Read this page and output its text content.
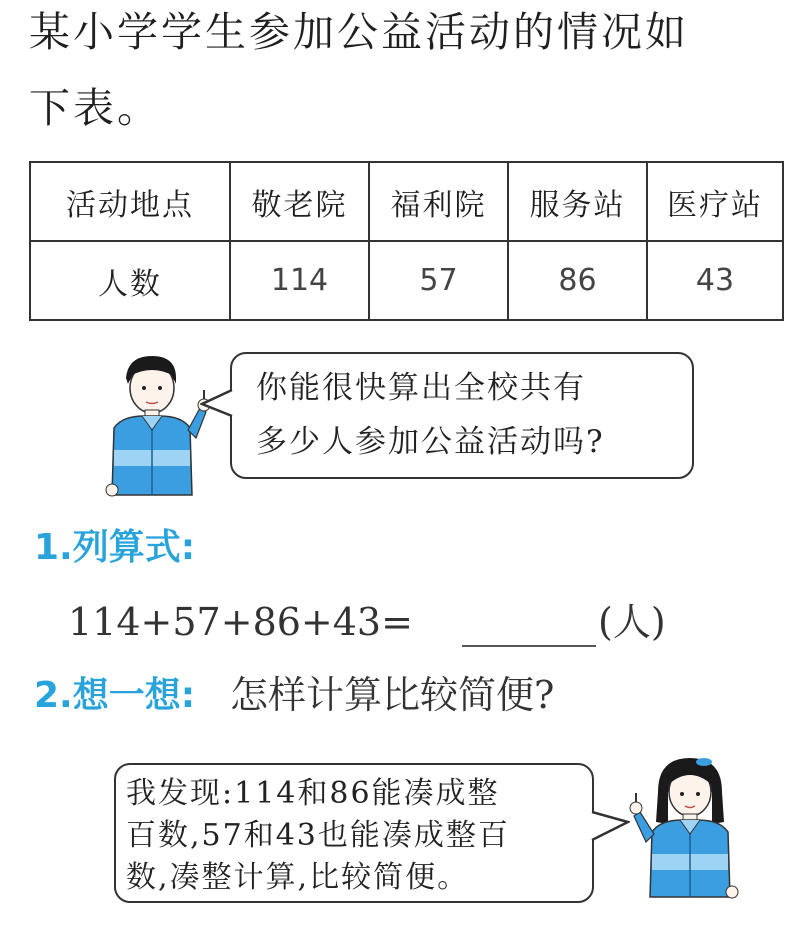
某小学学生参加公益活动的情况如
下表。
活动地点	敬老院	福利院	服务站	医疗站
人数	114	57	86	43
你能很快算出全校共有
多少人参加公益活动吗?
1.列算式:
114+57+86+43=	(人)
2.想一想: 怎样计算比较简便?
我发现:114和86能凑成整
百数,57和43也能凑成整百
数,凑整计算,比较简便。
